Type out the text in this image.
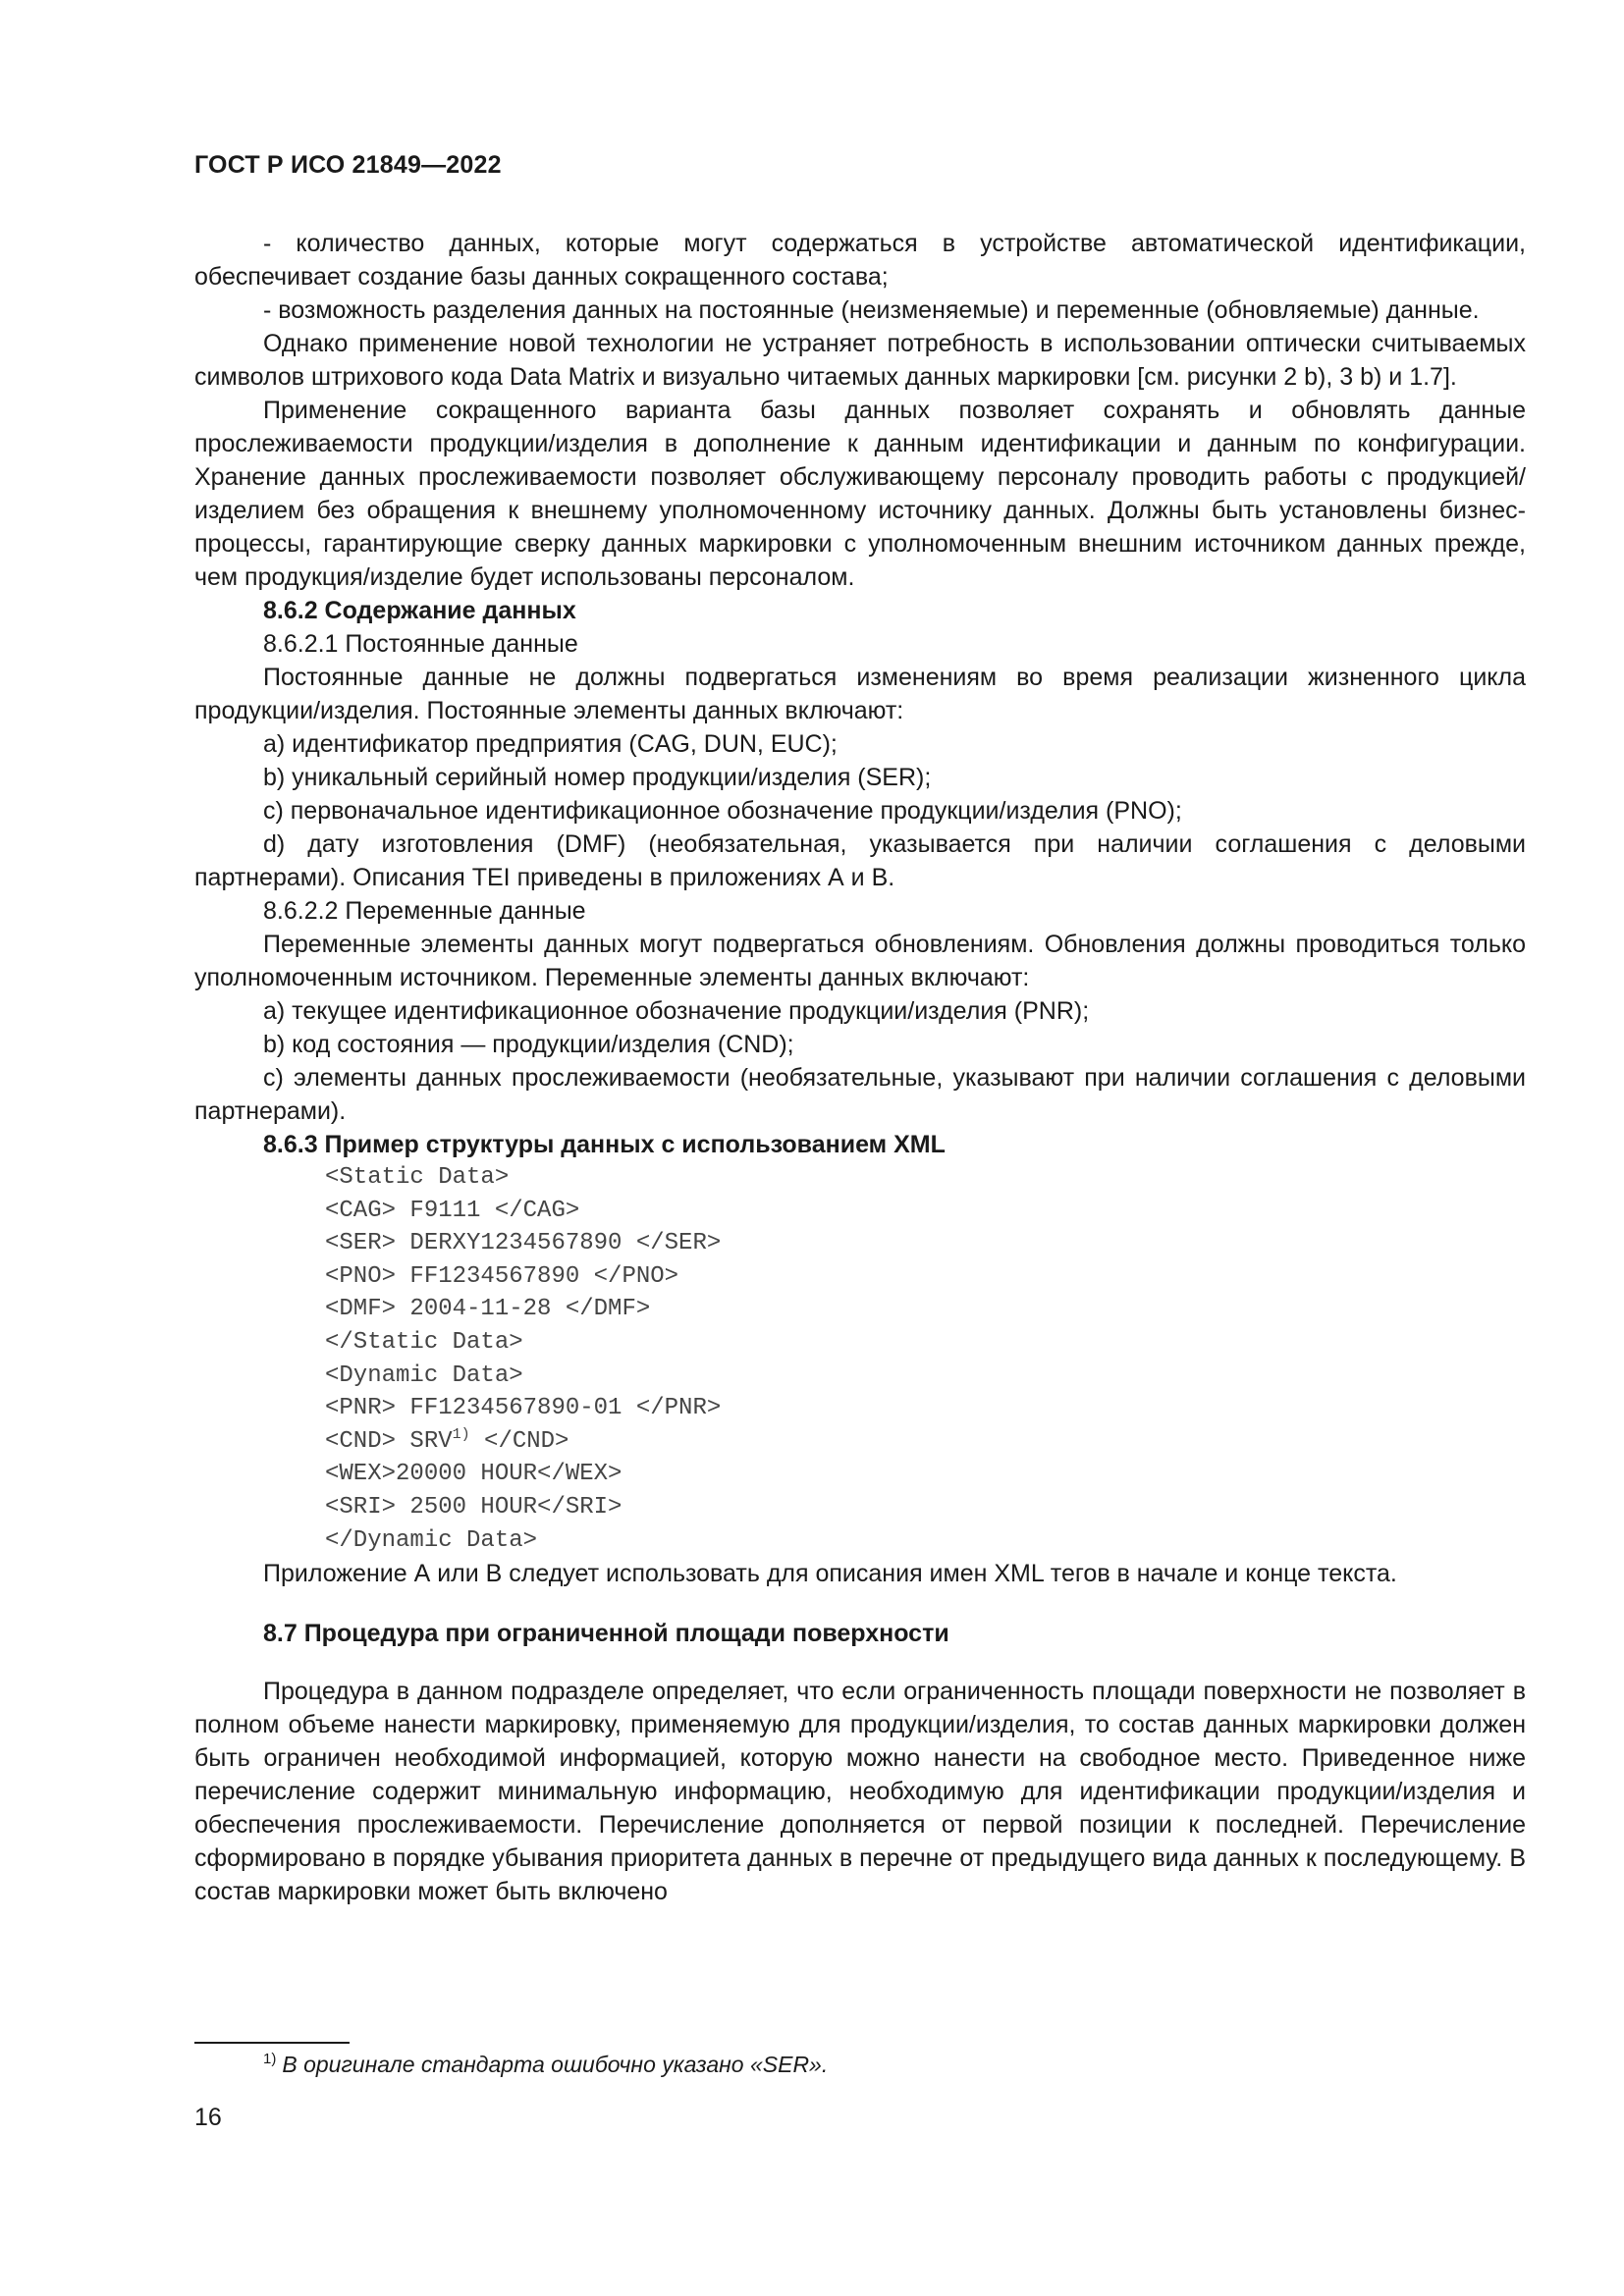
ГОСТ Р ИСО 21849—2022

- количество данных, которые могут содержаться в устройстве автоматической идентификации, обеспечивает создание базы данных сокращенного состава;

- возможность разделения данных на постоянные (неизменяемые) и переменные (обновляемые) данные.

Однако применение новой технологии не устраняет потребность в использовании оптически считываемых символов штрихового кода Data Matrix и визуально читаемых данных маркировки [см. рисунки 2 b), 3 b) и 1.7].

Применение сокращенного варианта базы данных позволяет сохранять и обновлять данные прослеживаемости продукции/изделия в дополнение к данным идентификации и данным по конфигурации. Хранение данных прослеживаемости позволяет обслуживающему персоналу проводить работы с продукцией/изделием без обращения к внешнему уполномоченному источнику данных. Должны быть установлены бизнес-процессы, гарантирующие сверку данных маркировки с уполномоченным внешним источником данных прежде, чем продукция/изделие будет использованы персоналом.

8.6.2 Содержание данных

8.6.2.1 Постоянные данные

Постоянные данные не должны подвергаться изменениям во время реализации жизненного цикла продукции/изделия. Постоянные элементы данных включают:

a) идентификатор предприятия (CAG, DUN, EUC);

b) уникальный серийный номер продукции/изделия (SER);

c) первоначальное идентификационное обозначение продукции/изделия (PNO);

d) дату изготовления (DMF) (необязательная, указывается при наличии соглашения с деловыми партнерами). Описания TEI приведены в приложениях А и В.

8.6.2.2 Переменные данные

Переменные элементы данных могут подвергаться обновлениям. Обновления должны проводиться только уполномоченным источником. Переменные элементы данных включают:

a) текущее идентификационное обозначение продукции/изделия (PNR);

b) код состояния — продукции/изделия (CND);

c) элементы данных прослеживаемости (необязательные, указывают при наличии соглашения с деловыми партнерами).

8.6.3 Пример структуры данных с использованием XML

<Static Data>
<CAG> F9111 </CAG>
<SER> DERXY1234567890 </SER>
<PNO> FF1234567890 </PNO>
<DMF> 2004-11-28 </DMF>
</Static Data>
<Dynamic Data>
<PNR> FF1234567890-01 </PNR>
$<CND> SRV^{1)} </CND>$
<WEX>20000 HOUR</WEX>
<SRI> 2500 HOUR</SRI>
</Dynamic Data>

Приложение А или В следует использовать для описания имен XML тегов в начале и конце текста.

8.7 Процедура при ограниченной площади поверхности

Процедура в данном подразделе определяет, что если ограниченность площади поверхности не позволяет в полном объеме нанести маркировку, применяемую для продукции/изделия, то состав данных маркировки должен быть ограничен необходимой информацией, которую можно нанести на свободное место. Приведенное ниже перечисление содержит минимальную информацию, необходимую для идентификации продукции/изделия и обеспечения прослеживаемости. Перечисление дополняется от первой позиции к последней. Перечисление сформировано в порядке убывания приоритета данных в перечне от предыдущего вида данных к последующему. В состав маркировки может быть включено

$^{1)}$ В оригинале стандарта ошибочно указано «SER».
16
